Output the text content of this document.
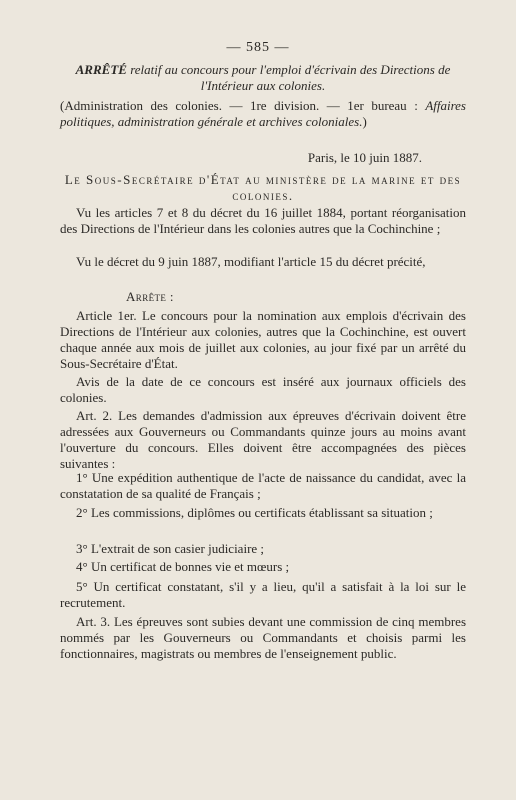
— 585 —
ARRÊTÉ relatif au concours pour l'emploi d'écrivain des Directions de l'Intérieur aux colonies.
(Administration des colonies. — 1re division. — 1er bureau : Affaires politiques, administration générale et archives coloniales.)
Paris, le 10 juin 1887.
Le Sous-Secrétaire d'État au ministère de la marine et des colonies.
Vu les articles 7 et 8 du décret du 16 juillet 1884, portant réorganisation des Directions de l'Intérieur dans les colonies autres que la Cochinchine ;
Vu le décret du 9 juin 1887, modifiant l'article 15 du décret précité,
Arrête :
Article 1er. Le concours pour la nomination aux emplois d'écrivain des Directions de l'Intérieur aux colonies, autres que la Cochinchine, est ouvert chaque année aux mois de juillet aux colonies, au jour fixé par un arrêté du Sous-Secrétaire d'État.
Avis de la date de ce concours est inséré aux journaux officiels des colonies.
Art. 2. Les demandes d'admission aux épreuves d'écrivain doivent être adressées aux Gouverneurs ou Commandants quinze jours au moins avant l'ouverture du concours. Elles doivent être accompagnées des pièces suivantes :
1° Une expédition authentique de l'acte de naissance du candidat, avec la constatation de sa qualité de Français ;
2° Les commissions, diplômes ou certificats établissant sa situation ;
3° L'extrait de son casier judiciaire ;
4° Un certificat de bonnes vie et mœurs ;
5° Un certificat constatant, s'il y a lieu, qu'il a satisfait à la loi sur le recrutement.
Art. 3. Les épreuves sont subies devant une commission de cinq membres nommés par les Gouverneurs ou Commandants et choisis parmi les fonctionnaires, magistrats ou membres de l'enseignement public.
